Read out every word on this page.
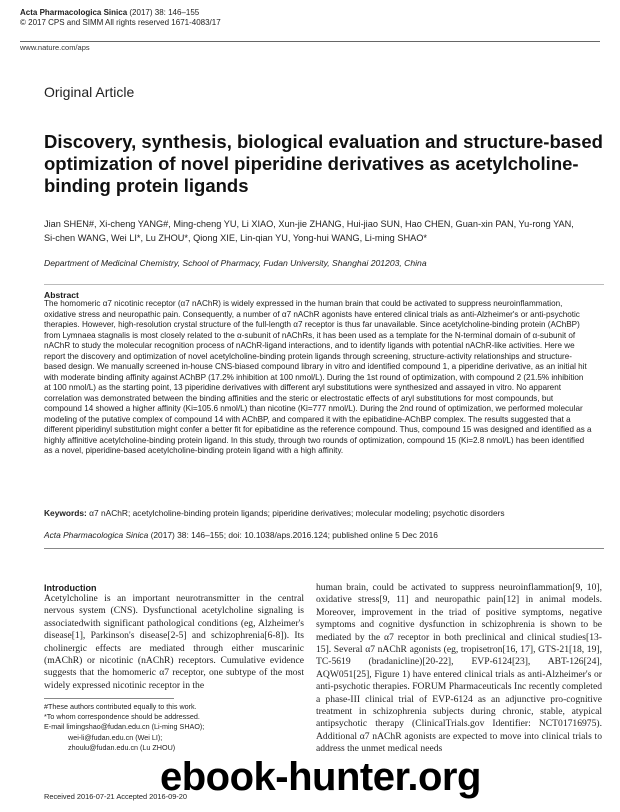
Acta Pharmacologica Sinica (2017) 38: 146–155
© 2017 CPS and SIMM All rights reserved 1671-4083/17
www.nature.com/aps
Original Article
Discovery, synthesis, biological evaluation and structure-based optimization of novel piperidine derivatives as acetylcholine-binding protein ligands
Jian SHEN#, Xi-cheng YANG#, Ming-cheng YU, Li XIAO, Xun-jie ZHANG, Hui-jiao SUN, Hao CHEN, Guan-xin PAN, Yu-rong YAN,
Si-chen WANG, Wei LI*, Lu ZHOU*, Qiong XIE, Lin-qian YU, Yong-hui WANG, Li-ming SHAO*
Department of Medicinal Chemistry, School of Pharmacy, Fudan University, Shanghai 201203, China
Abstract

The homomeric α7 nicotinic receptor (α7 nAChR) is widely expressed in the human brain that could be activated to suppress neuroinflammation, oxidative stress and neuropathic pain. Consequently, a number of α7 nAChR agonists have entered clinical trials as anti-Alzheimer's or anti-psychotic therapies. However, high-resolution crystal structure of the full-length α7 receptor is thus far unavailable. Since acetylcholine-binding protein (AChBP) from Lymnaea stagnalis is most closely related to the α-subunit of nAChRs, it has been used as a template for the N-terminal domain of α-subunit of nAChR to study the molecular recognition process of nAChR-ligand interactions, and to identify ligands with potential nAChR-like activities. Here we report the discovery and optimization of novel acetylcholine-binding protein ligands through screening, structure-activity relationships and structure-based design. We manually screened in-house CNS-biased compound library in vitro and identified compound 1, a piperidine derivative, as an initial hit with moderate binding affinity against AChBP (17.2% inhibition at 100 nmol/L). During the 1st round of optimization, with compound 2 (21.5% inhibition at 100 nmol/L) as the starting point, 13 piperidine derivatives with different aryl substitutions were synthesized and assayed in vitro. No apparent correlation was demonstrated between the binding affinities and the steric or electrostatic effects of aryl substitutions for most compounds, but compound 14 showed a higher affinity (Ki=105.6 nmol/L) than nicotine (Ki=777 nmol/L). During the 2nd round of optimization, we performed molecular modeling of the putative complex of compound 14 with AChBP, and compared it with the epibatidine-AChBP complex. The results suggested that a different piperidinyl substitution might confer a better fit for epibatidine as the reference compound. Thus, compound 15 was designed and identified as a highly affinitive acetylcholine-binding protein ligand. In this study, through two rounds of optimization, compound 15 (Ki=2.8 nmol/L) has been identified as a novel, piperidine-based acetylcholine-binding protein ligand with a high affinity.

Keywords: α7 nAChR; acetylcholine-binding protein ligands; piperidine derivatives; molecular modeling; psychotic disorders
Acta Pharmacologica Sinica (2017) 38: 146–155; doi: 10.1038/aps.2016.124; published online 5 Dec 2016
Introduction
Acetylcholine is an important neurotransmitter in the central nervous system (CNS). Dysfunctional acetylcholine signaling is associatedwith significant pathological conditions (eg, Alzheimer's disease[1], Parkinson's disease[2-5] and schizophrenia[6-8]). Its cholinergic effects are mediated through either muscarinic (mAChR) or nicotinic (nAChR) receptors. Cumulative evidence suggests that the homomeric α7 receptor, one subtype of the most widely expressed nicotinic receptor in the
human brain, could be activated to suppress neuroinflammation[9, 10], oxidative stress[9, 11] and neuropathic pain[12] in animal models. Moreover, improvement in the triad of positive symptoms, negative symptoms and cognitive dysfunction in schizophrenia is shown to be mediated by the α7 receptor in both preclinical and clinical studies[13-15]. Several α7 nAChR agonists (eg, tropisetron[16, 17], GTS-21[18, 19], TC-5619 (bradanicline)[20-22], EVP-6124[23], ABT-126[24], AQW051[25], Figure 1) have entered clinical trials as anti-Alzheimer's or anti-psychotic therapies. FORUM Pharmaceuticals Inc recently completed a phase-III clinical trial of EVP-6124 as an adjunctive pro-cognitive treatment in schizophrenia subjects during chronic, stable, atypical antipsychotic therapy (ClinicalTrials.gov Identifier: NCT01716975). Additional α7 nAChR agonists are expected to move into clinical trials to address the unmet medical needs
#These authors contributed equally to this work.
*To whom correspondence should be addressed.
E-mail limingshao@fudan.edu.cn (Li-ming SHAO);
wei-li@fudan.edu.cn (Wei LI);
zhoulu@fudan.edu.cn (Lu ZHOU)
Received 2016-07-21 Accepted 2016-09-20
ebook-hunter.org
